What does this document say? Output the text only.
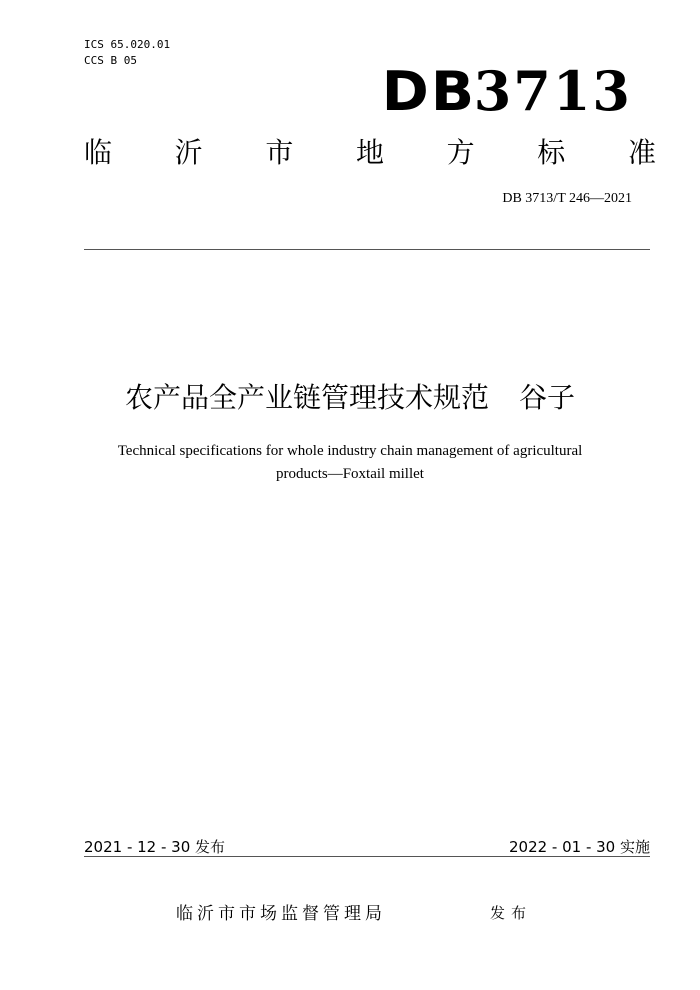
ICS 65.020.01
CCS B 05	DB3713
临 沂 市 地 方 标 准
DB 3713/T 246—2021
农产品全产业链管理技术规范 谷子
Technical specifications for whole industry chain management of agricultural
products—Foxtail millet
2021 - 12 - 30 发布	2022 - 01 - 30 实施
临沂市市场监督管理局	发布
